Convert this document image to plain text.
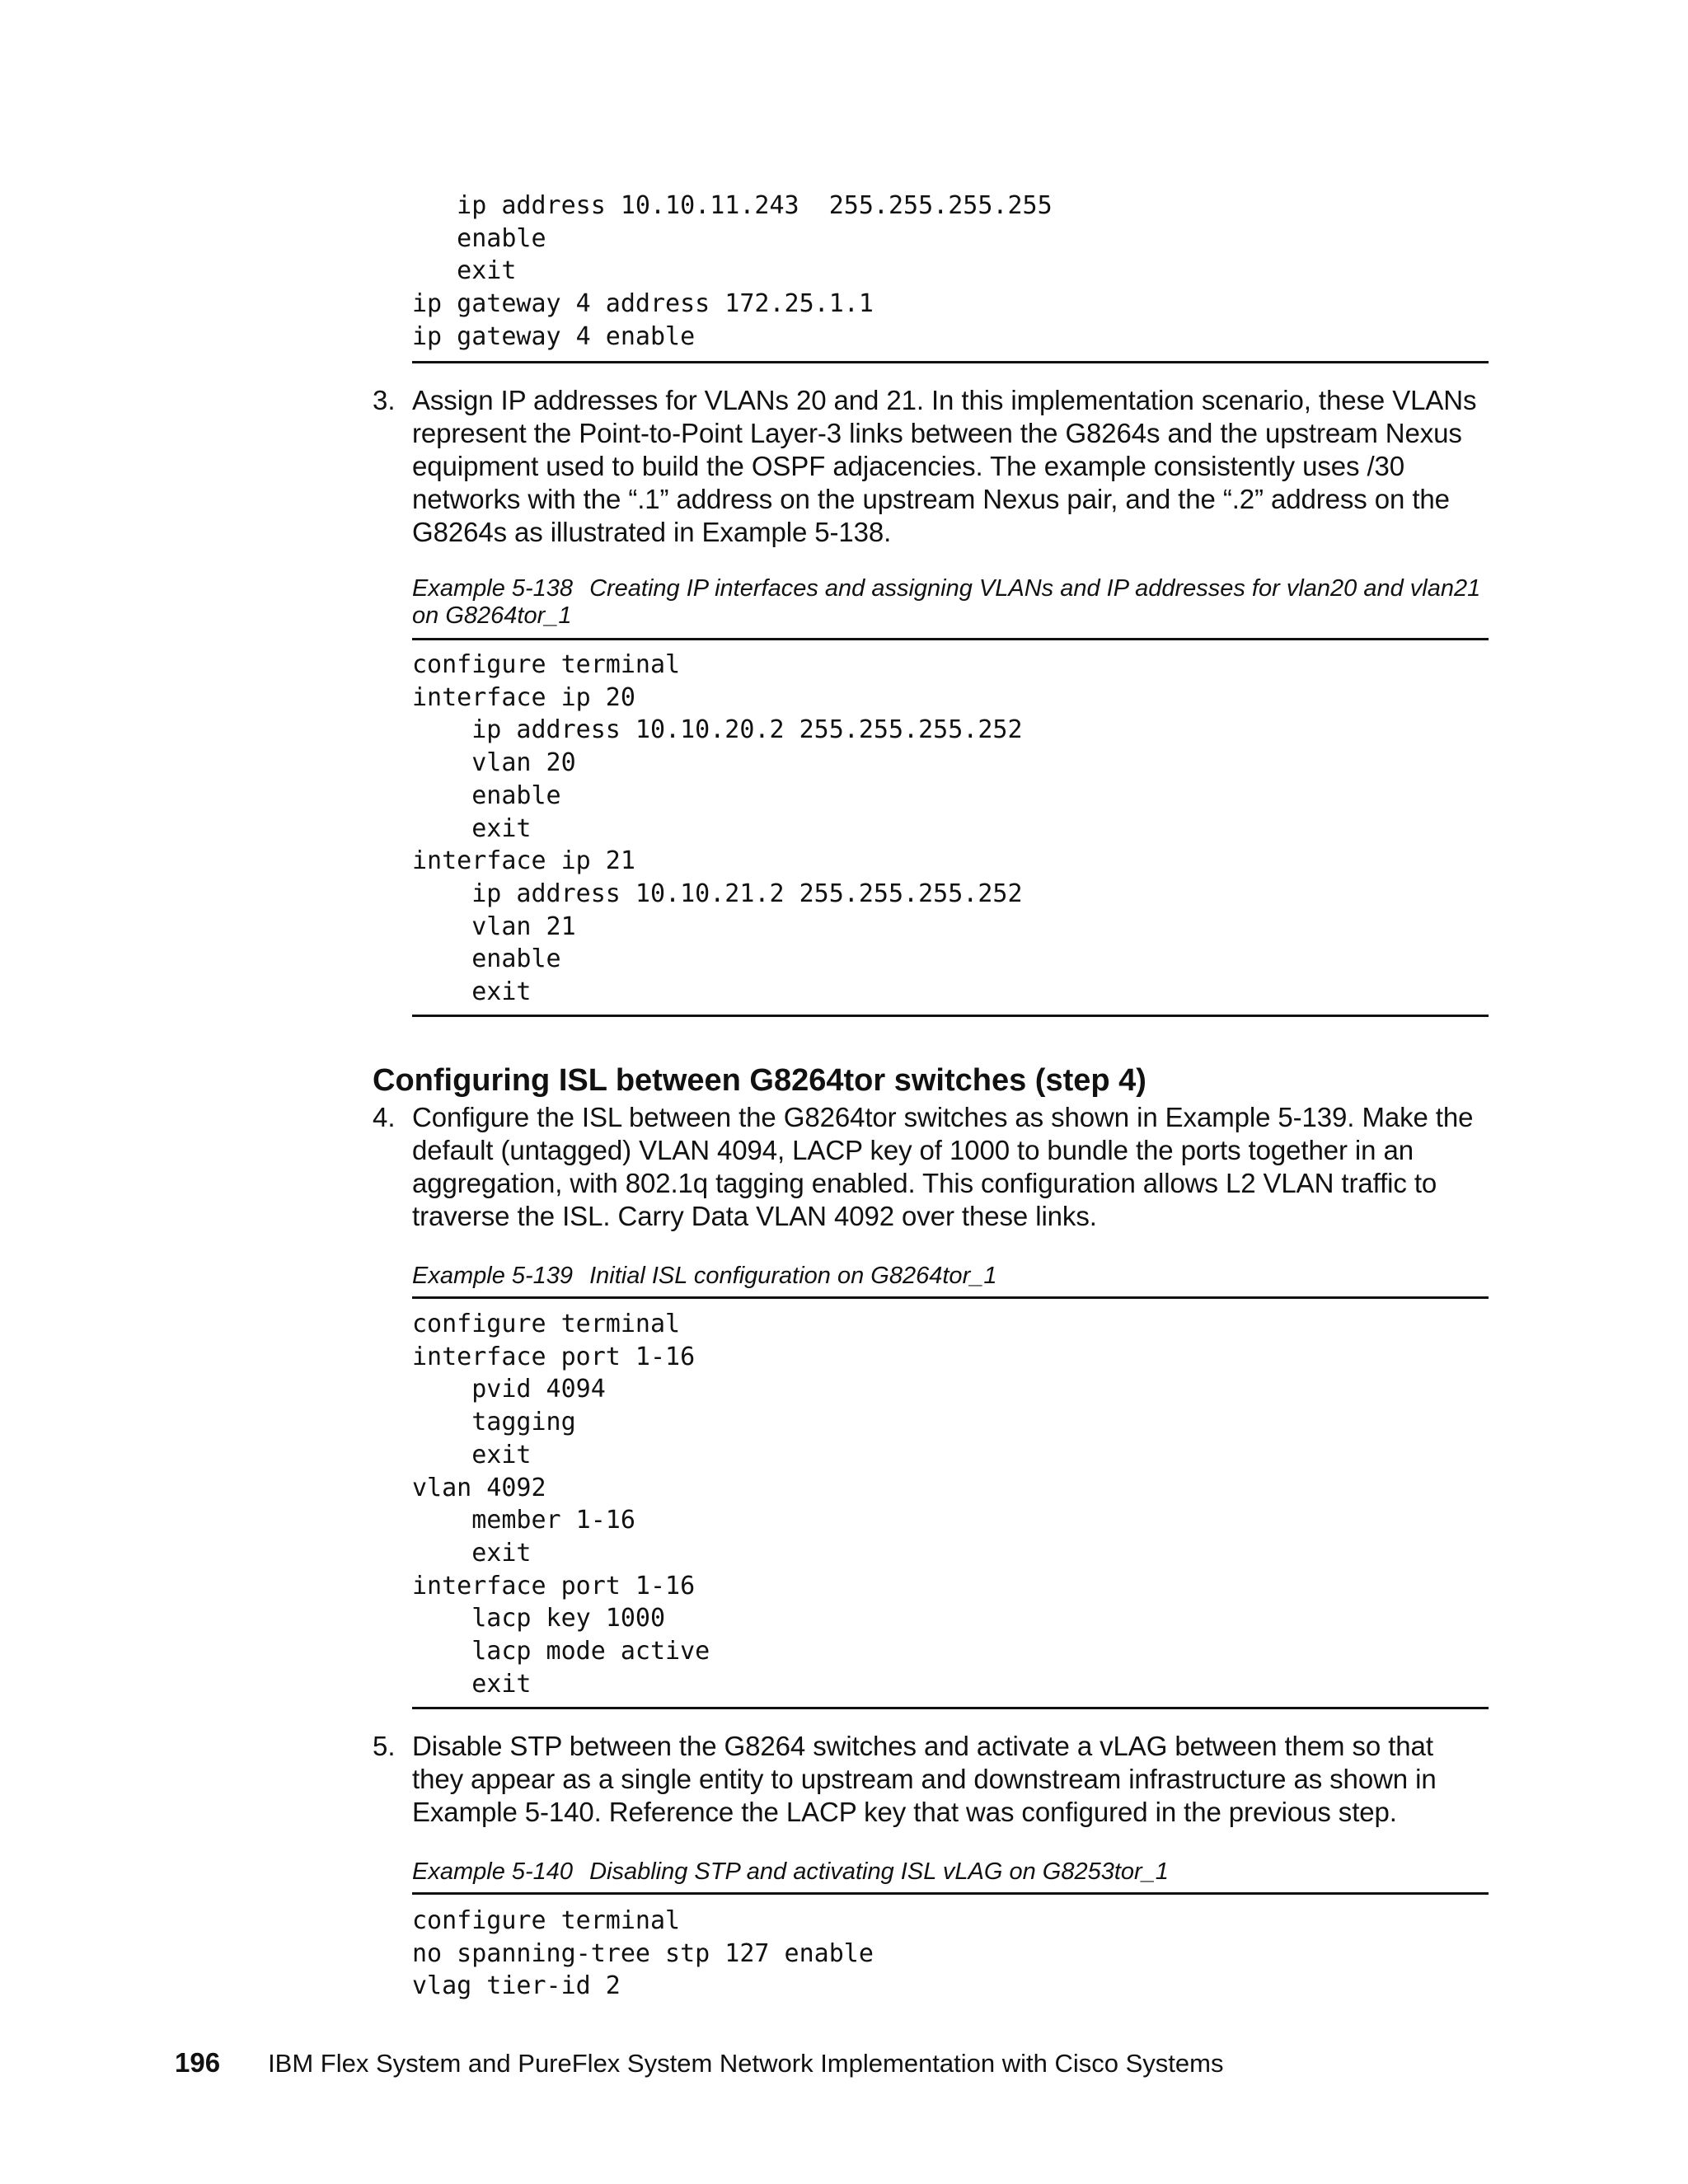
ip address 10.10.11.243  255.255.255.255
enable
exit
ip gateway 4 address 172.25.1.1
ip gateway 4 enable
3. Assign IP addresses for VLANs 20 and 21. In this implementation scenario, these VLANs represent the Point-to-Point Layer-3 links between the G8264s and the upstream Nexus equipment used to build the OSPF adjacencies. The example consistently uses /30 networks with the “.1” address on the upstream Nexus pair, and the “.2” address on the G8264s as illustrated in Example 5-138.
Example 5-138 Creating IP interfaces and assigning VLANs and IP addresses for vlan20 and vlan21 on G8264tor_1
configure terminal
interface ip 20
ip address 10.10.20.2 255.255.255.252
vlan 20
enable
exit
interface ip 21
ip address 10.10.21.2 255.255.255.252
vlan 21
enable
exit
Configuring ISL between G8264tor switches (step 4)
4. Configure the ISL between the G8264tor switches as shown in Example 5-139. Make the default (untagged) VLAN 4094, LACP key of 1000 to bundle the ports together in an aggregation, with 802.1q tagging enabled. This configuration allows L2 VLAN traffic to traverse the ISL. Carry Data VLAN 4092 over these links.
Example 5-139 Initial ISL configuration on G8264tor_1
configure terminal
interface port 1-16
pvid 4094
tagging
exit
vlan 4092
member 1-16
exit
interface port 1-16
lacp key 1000
lacp mode active
exit
5. Disable STP between the G8264 switches and activate a vLAG between them so that they appear as a single entity to upstream and downstream infrastructure as shown in Example 5-140. Reference the LACP key that was configured in the previous step.
Example 5-140 Disabling STP and activating ISL vLAG on G8253tor_1
configure terminal
no spanning-tree stp 127 enable
vlag tier-id 2
196 IBM Flex System and PureFlex System Network Implementation with Cisco Systems
